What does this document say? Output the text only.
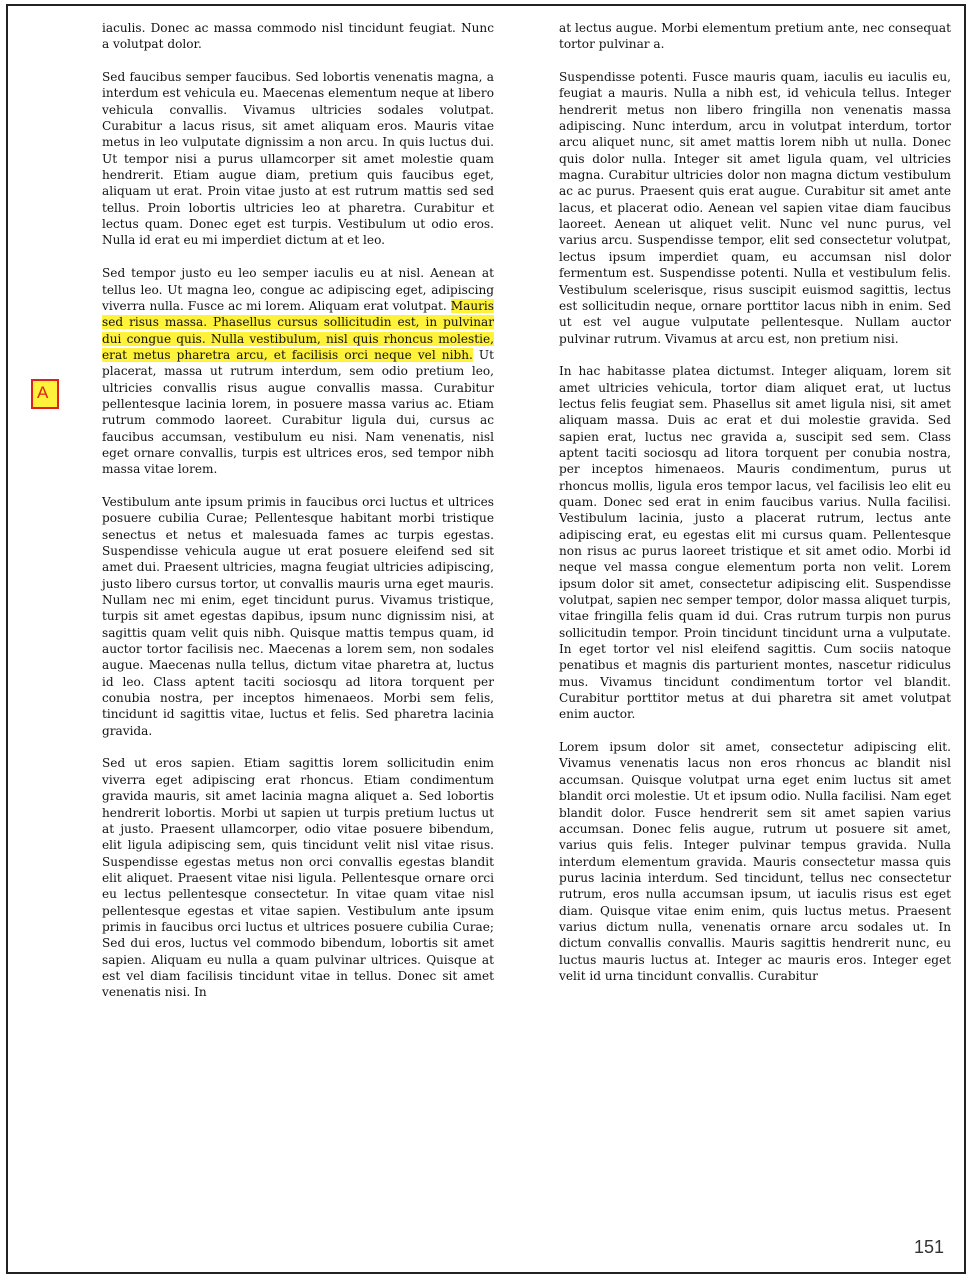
iaculis. Donec ac massa commodo nisl tincidunt feugiat. Nunc a volutpat dolor.

Sed faucibus semper faucibus. Sed lobortis venenatis magna, a interdum est vehicula eu. Maecenas elementum neque at libero vehicula convallis. Vivamus ultricies sodales volutpat. Curabitur a lacus risus, sit amet aliquam eros. Mauris vitae metus in leo vulputate dignissim a non arcu. In quis luctus dui. Ut tempor nisi a purus ullamcorper sit amet molestie quam hendrerit. Etiam augue diam, pretium quis faucibus eget, aliquam ut erat. Proin vitae justo at est rutrum mattis sed sed tellus. Proin lobortis ultricies leo at pharetra. Curabitur et lectus quam. Donec eget est turpis. Vestibulum ut odio eros. Nulla id erat eu mi imperdiet dictum at et leo.

Sed tempor justo eu leo semper iaculis eu at nisl. Aenean at tellus leo. Ut magna leo, congue ac adipiscing eget, adipiscing viverra nulla. Fusce ac mi lorem. Aliquam erat volutpat. Mauris sed risus massa. Phasellus cursus sollicitudin est, in pulvinar dui congue quis. Nulla vestibulum, nisl quis rhoncus molestie, erat metus pharetra arcu, et facilisis orci neque vel nibh. Ut placerat, massa ut rutrum interdum, sem odio pretium leo, ultricies convallis risus augue convallis massa. Curabitur pellentesque lacinia lorem, in posuere massa varius ac. Etiam rutrum commodo laoreet. Curabitur ligula dui, cursus ac faucibus accumsan, vestibulum eu nisi. Nam venenatis, nisl eget ornare convallis, turpis est ultrices eros, sed tempor nibh massa vitae lorem.

Vestibulum ante ipsum primis in faucibus orci luctus et ultrices posuere cubilia Curae; Pellentesque habitant morbi tristique senectus et netus et malesuada fames ac turpis egestas. Suspendisse vehicula augue ut erat posuere eleifend sed sit amet dui. Praesent ultricies, magna feugiat ultricies adipiscing, justo libero cursus tortor, ut convallis mauris urna eget mauris. Nullam nec mi enim, eget tincidunt purus. Vivamus tristique, turpis sit amet egestas dapibus, ipsum nunc dignissim nisi, at sagittis quam velit quis nibh. Quisque mattis tempus quam, id auctor tortor facilisis nec. Maecenas a lorem sem, non sodales augue. Maecenas nulla tellus, dictum vitae pharetra at, luctus id leo. Class aptent taciti sociosqu ad litora torquent per conubia nostra, per inceptos himenaeos. Morbi sem felis, tincidunt id sagittis vitae, luctus et felis. Sed pharetra lacinia gravida.

Sed ut eros sapien. Etiam sagittis lorem sollicitudin enim viverra eget adipiscing erat rhoncus. Etiam condimentum gravida mauris, sit amet lacinia magna aliquet a. Sed lobortis hendrerit lobortis. Morbi ut sapien ut turpis pretium luctus ut at justo. Praesent ullamcorper, odio vitae posuere bibendum, elit ligula adipiscing sem, quis tincidunt velit nisl vitae risus. Suspendisse egestas metus non orci convallis egestas blandit elit aliquet. Praesent vitae nisi ligula. Pellentesque ornare orci eu lectus pellentesque consectetur. In vitae quam vitae nisl pellentesque egestas et vitae sapien. Vestibulum ante ipsum primis in faucibus orci luctus et ultrices posuere cubilia Curae; Sed dui eros, luctus vel commodo bibendum, lobortis sit amet sapien. Aliquam eu nulla a quam pulvinar ultrices. Quisque at est vel diam facilisis tincidunt vitae in tellus. Donec sit amet venenatis nisi. In

at lectus augue. Morbi elementum pretium ante, nec consequat tortor pulvinar a.

Suspendisse potenti. Fusce mauris quam, iaculis eu iaculis eu, feugiat a mauris. Nulla a nibh est, id vehicula tellus. Integer hendrerit metus non libero fringilla non venenatis massa adipiscing. Nunc interdum, arcu in volutpat interdum, tortor arcu aliquet nunc, sit amet mattis lorem nibh ut nulla. Donec quis dolor nulla. Integer sit amet ligula quam, vel ultricies magna. Curabitur ultricies dolor non magna dictum vestibulum ac ac purus. Praesent quis erat augue. Curabitur sit amet ante lacus, et placerat odio. Aenean vel sapien vitae diam faucibus laoreet. Aenean ut aliquet velit. Nunc vel nunc purus, vel varius arcu. Suspendisse tempor, elit sed consectetur volutpat, lectus ipsum imperdiet quam, eu accumsan nisl dolor fermentum est. Suspendisse potenti. Nulla et vestibulum felis. Vestibulum scelerisque, risus suscipit euismod sagittis, lectus est sollicitudin neque, ornare porttitor lacus nibh in enim. Sed ut est vel augue vulputate pellentesque. Nullam auctor pulvinar rutrum. Vivamus at arcu est, non pretium nisi.

In hac habitasse platea dictumst. Integer aliquam, lorem sit amet ultricies vehicula, tortor diam aliquet erat, ut luctus lectus felis feugiat sem. Phasellus sit amet ligula nisi, sit amet aliquam massa. Duis ac erat et dui molestie gravida. Sed sapien erat, luctus nec gravida a, suscipit sed sem. Class aptent taciti sociosqu ad litora torquent per conubia nostra, per inceptos himenaeos. Mauris condimentum, purus ut rhoncus mollis, ligula eros tempor lacus, vel facilisis leo elit eu quam. Donec sed erat in enim faucibus varius. Nulla facilisi. Vestibulum lacinia, justo a placerat rutrum, lectus ante adipiscing erat, eu egestas elit mi cursus quam. Pellentesque non risus ac purus laoreet tristique et sit amet odio. Morbi id neque vel massa congue elementum porta non velit. Lorem ipsum dolor sit amet, consectetur adipiscing elit. Suspendisse volutpat, sapien nec semper tempor, dolor massa aliquet turpis, vitae fringilla felis quam id dui. Cras rutrum turpis non purus sollicitudin tempor. Proin tincidunt tincidunt urna a vulputate. In eget tortor vel nisl eleifend sagittis. Cum sociis natoque penatibus et magnis dis parturient montes, nascetur ridiculus mus. Vivamus tincidunt condimentum tortor vel blandit. Curabitur porttitor metus at dui pharetra sit amet volutpat enim auctor.

Lorem ipsum dolor sit amet, consectetur adipiscing elit. Vivamus venenatis lacus non eros rhoncus ac blandit nisl accumsan. Quisque volutpat urna eget enim luctus sit amet blandit orci molestie. Ut et ipsum odio. Nulla facilisi. Nam eget blandit dolor. Fusce hendrerit sem sit amet sapien varius accumsan. Donec felis augue, rutrum ut posuere sit amet, varius quis felis. Integer pulvinar tempus gravida. Nulla interdum elementum gravida. Mauris consectetur massa quis purus lacinia interdum. Sed tincidunt, tellus nec consectetur rutrum, eros nulla accumsan ipsum, ut iaculis risus est eget diam. Quisque vitae enim enim, quis luctus metus. Praesent varius dictum nulla, venenatis ornare arcu sodales ut. In dictum convallis convallis. Mauris sagittis hendrerit nunc, eu luctus mauris luctus at. Integer ac mauris eros. Integer eget velit id urna tincidunt convallis. Curabitur

151
A
